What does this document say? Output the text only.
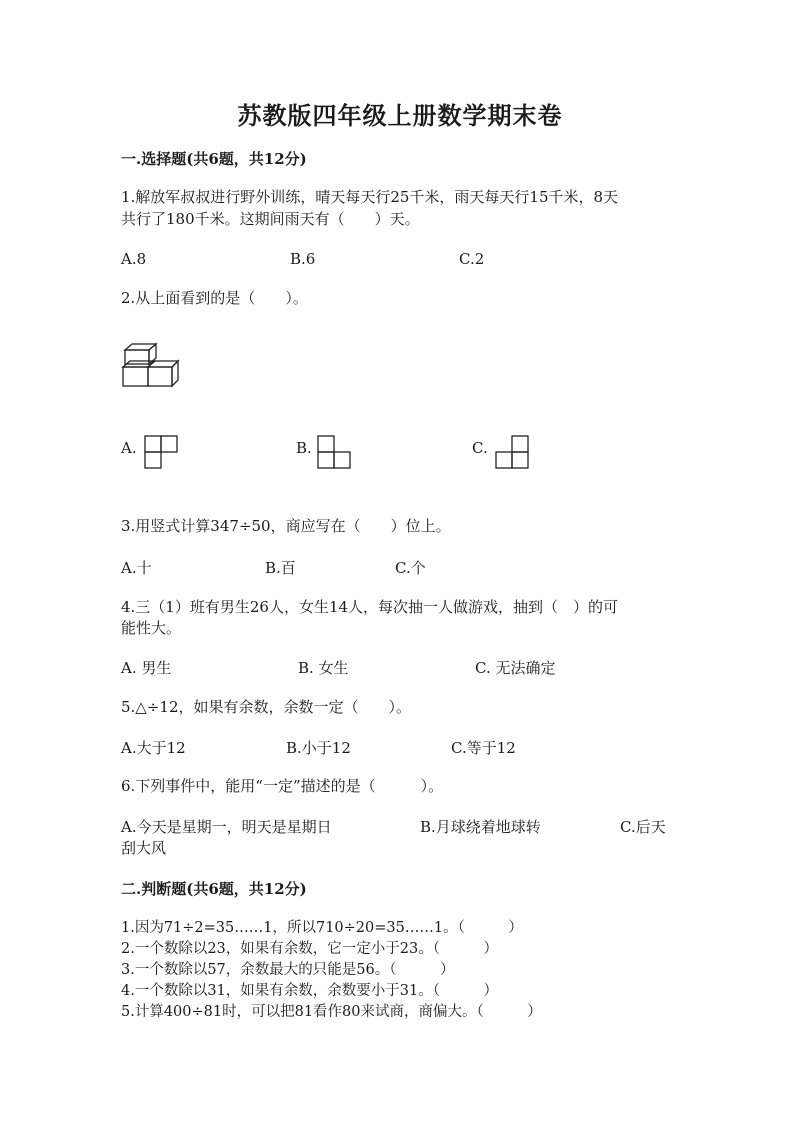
苏教版四年级上册数学期末卷
一.选择题(共6题，共12分)
1.解放军叔叔进行野外训练，晴天每天行25千米，雨天每天行15千米，8天
共行了180千米。这期间雨天有（　　）天。
A.8	B.6	C.2
2.从上面看到的是（　　）。
A.	B.	C.
3.用竖式计算347÷50，商应写在（　　）位上。
A.十	B.百	C.个
4.三（1）班有男生26人，女生14人，每次抽一人做游戏，抽到（　）的可
能性大。
A. 男生	B. 女生	C. 无法确定
5.△÷12，如果有余数，余数一定（　　）。
A.大于12	B.小于12	C.等于12
6.下列事件中，能用“一定”描述的是（　　　）。
A.今天是星期一，明天是星期日	B.月球绕着地球转	C.后天
刮大风
二.判断题(共6题，共12分)
1.因为71÷2=35……1，所以710÷20=35……1。（　　　）
2.一个数除以23，如果有余数，它一定小于23。（　　　）
3.一个数除以57，余数最大的只能是56。（　　　）
4.一个数除以31，如果有余数，余数要小于31。（　　　）
5.计算400÷81时，可以把81看作80来试商，商偏大。（　　　）
